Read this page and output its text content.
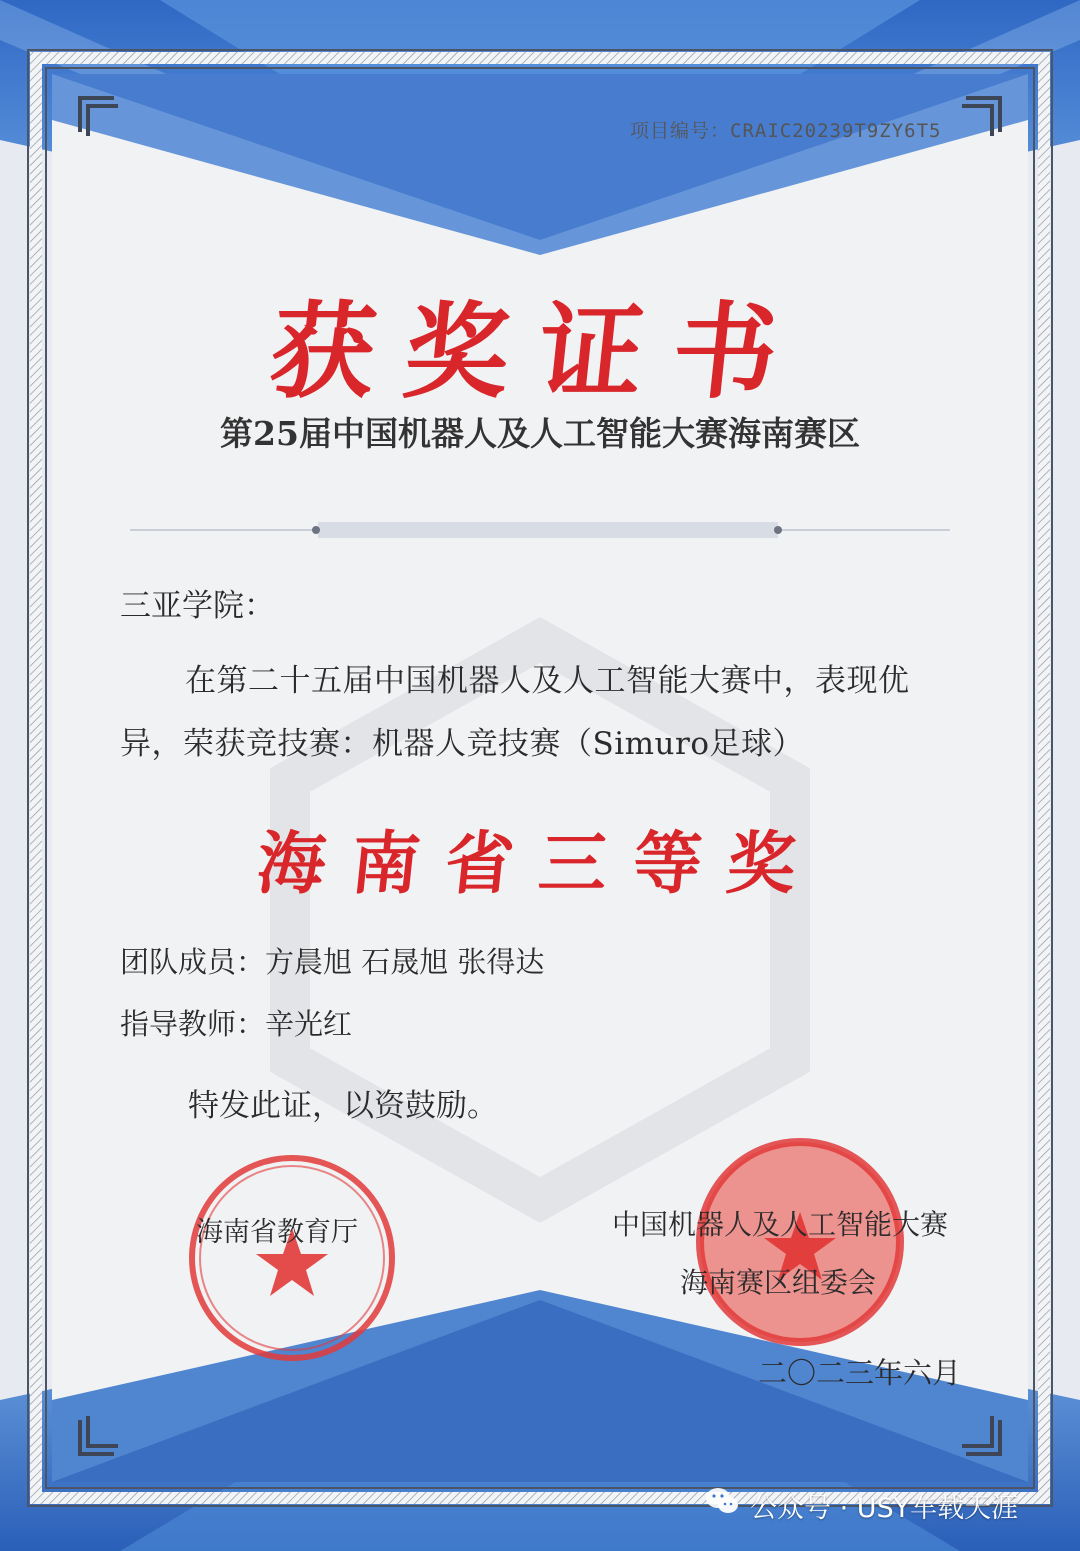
项目编号：CRAIC20239T9ZY6T5
获奖证书
第25届中国机器人及人工智能大赛海南赛区
三亚学院：
在第二十五届中国机器人及人工智能大赛中，表现优
异，荣获竞技赛：机器人竞技赛（Simuro足球）
海南省三等奖
团队成员：方晨旭 石晟旭 张得达
指导教师：辛光红
特发此证，以资鼓励。
海南省教育厅	中国机器人及人工智能大赛
海南赛区组委会
二〇二三年六月
公众号 · USY车载天涯
